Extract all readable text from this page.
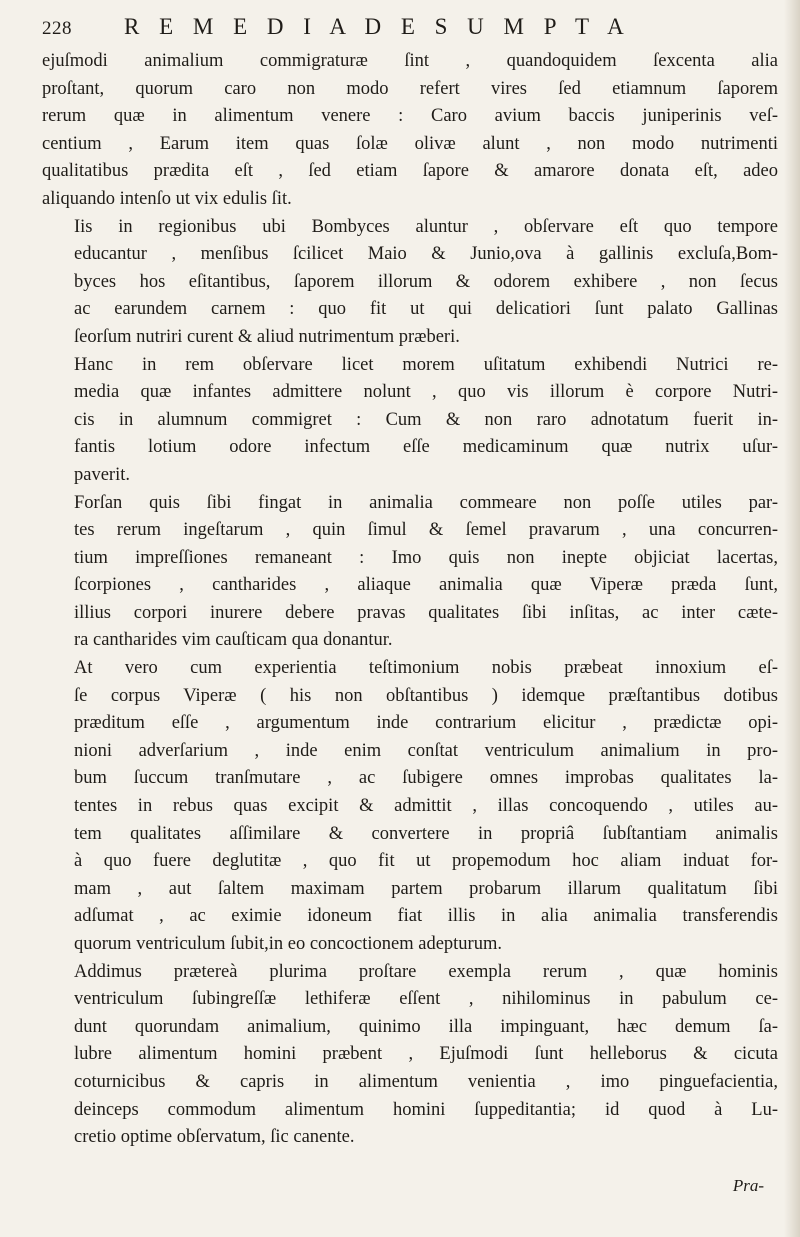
228	R E M E D I A D E S U M P T A

ejuſmodi animalium commigraturæ ſint , quandoquidem ſexcenta alia
proſtant, quorum caro non modo refert vires ſed etiamnum ſaporem
rerum quæ in alimentum venere : Caro avium baccis juniperinis veſ-
centium , Earum item quas ſolæ olivæ alunt , non modo nutrimenti
qualitatibus prædita eſt , ſed etiam ſapore & amarore donata eſt, adeo
aliquando intenſo ut vix edulis ſit.

Iis in regionibus ubi Bombyces aluntur , obſervare eſt quo tempore
educantur , menſibus ſcilicet Maio & Junio,ova à gallinis excluſa,Bom-
byces hos eſitantibus, ſaporem illorum & odorem exhibere , non ſecus
ac earundem carnem : quo fit ut qui delicatiori ſunt palato Gallinas
ſeorſum nutriri curent & aliud nutrimentum præberi.

Hanc in rem obſervare licet morem uſitatum exhibendi Nutrici re-
media quæ infantes admittere nolunt , quo vis illorum è corpore Nutri-
cis in alumnum commigret : Cum & non raro adnotatum fuerit in-
fantis lotium odore infectum eſſe medicaminum quæ nutrix uſur-
paverit.

Forſan quis ſibi fingat in animalia commeare non poſſe utiles par-
tes rerum ingeſtarum , quin ſimul & ſemel pravarum , una concurren-
tium impreſſiones remaneant : Imo quis non inepte objiciat lacertas,
ſcorpiones , cantharides , aliaque animalia quæ Viperæ præda ſunt,
illius corpori inurere debere pravas qualitates ſibi inſitas, ac inter cæte-
ra cantharides vim cauſticam qua donantur.

At vero cum experientia teſtimonium nobis præbeat innoxium eſ-
ſe corpus Viperæ ( his non obſtantibus ) idemque præſtantibus dotibus
præditum eſſe , argumentum inde contrarium elicitur , prædictæ opi-
nioni adverſarium , inde enim conſtat ventriculum animalium in pro-
bum ſuccum tranſmutare , ac ſubigere omnes improbas qualitates la-
tentes in rebus quas excipit & admittit , illas concoquendo , utiles au-
tem qualitates aſſimilare & convertere in propriâ ſubſtantiam animalis
à quo fuere deglutitæ , quo fit ut propemodum hoc aliam induat for-
mam , aut ſaltem maximam partem probarum illarum qualitatum ſibi
adſumat , ac eximie idoneum fiat illis in alia animalia transferendis
quorum ventriculum ſubit,in eo concoctionem adepturum.

Addimus prætereà plurima proſtare exempla rerum , quæ hominis
ventriculum ſubingreſſæ lethiferæ eſſent , nihilominus in pabulum ce-
dunt quorundam animalium, quinimo illa impinguant, hæc demum ſa-
lubre alimentum homini præbent , Ejuſmodi ſunt helleborus & cicuta
coturnicibus & capris in alimentum venientia , imo pinguefacientia,
deinceps commodum alimentum homini ſuppeditantia; id quod à Lu-
cretio optime obſervatum, ſic canente.

Pra-
